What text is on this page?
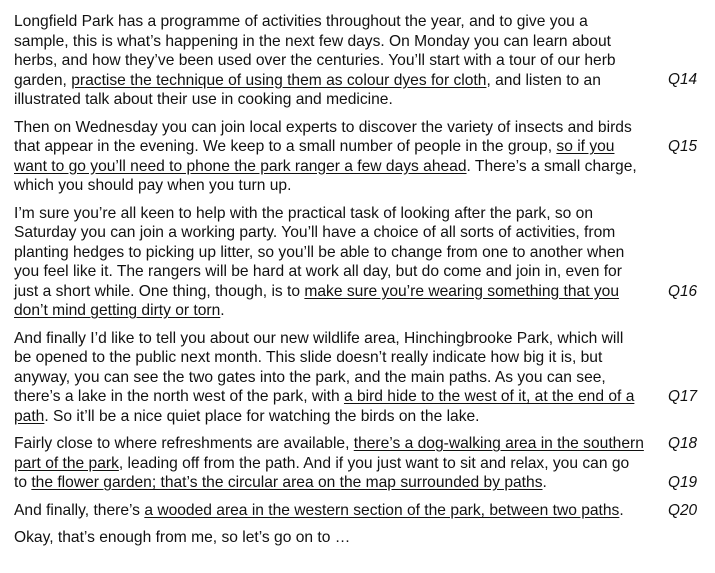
Longfield Park has a programme of activities throughout the year, and to give you a sample, this is what’s happening in the next few days. On Monday you can learn about herbs, and how they’ve been used over the centuries. You’ll start with a tour of our herb garden, practise the technique of using them as colour dyes for cloth, and listen to an illustrated talk about their use in cooking and medicine.
Q14

Then on Wednesday you can join local experts to discover the variety of insects and birds that appear in the evening. We keep to a small number of people in the group, so if you want to go you’ll need to phone the park ranger a few days ahead. There’s a small charge, which you should pay when you turn up.
Q15

I’m sure you’re all keen to help with the practical task of looking after the park, so on Saturday you can join a working party. You’ll have a choice of all sorts of activities, from planting hedges to picking up litter, so you’ll be able to change from one to another when you feel like it. The rangers will be hard at work all day, but do come and join in, even for just a short while. One thing, though, is to make sure you’re wearing something that you don’t mind getting dirty or torn.
Q16

And finally I’d like to tell you about our new wildlife area, Hinchingbrooke Park, which will be opened to the public next month. This slide doesn’t really indicate how big it is, but anyway, you can see the two gates into the park, and the main paths. As you can see, there’s a lake in the north west of the park, with a bird hide to the west of it, at the end of a path. So it’ll be a nice quiet place for watching the birds on the lake.
Q17

Fairly close to where refreshments are available, there’s a dog-walking area in the southern part of the park, leading off from the path. And if you just want to sit and relax, you can go to the flower garden; that’s the circular area on the map surrounded by paths.
Q18
Q19

And finally, there’s a wooded area in the western section of the park, between two paths.	Q20

Okay, that’s enough from me, so let’s go on to …
